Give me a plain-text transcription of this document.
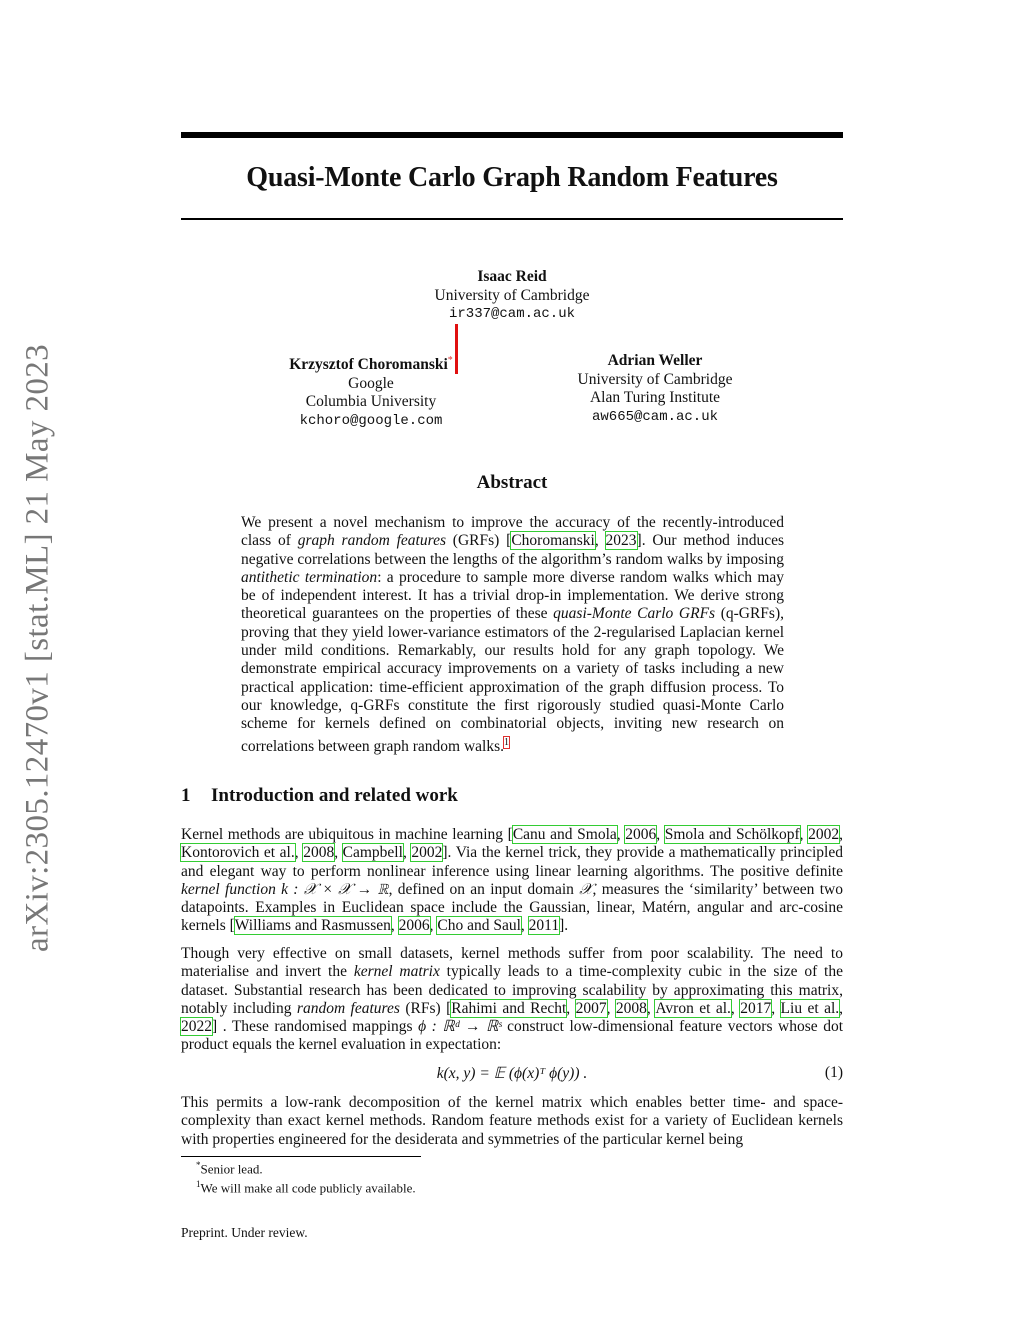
arXiv:2305.12470v1 [stat.ML] 21 May 2023
Quasi-Monte Carlo Graph Random Features
Isaac Reid
University of Cambridge
ir337@cam.ac.uk
Krzysztof Choromanski*
Google
Columbia University
kchoro@google.com
Adrian Weller
University of Cambridge
Alan Turing Institute
aw665@cam.ac.uk
Abstract
We present a novel mechanism to improve the accuracy of the recently-introduced class of graph random features (GRFs) [Choromanski, 2023]. Our method induces negative correlations between the lengths of the algorithm’s random walks by imposing antithetic termination: a procedure to sample more diverse random walks which may be of independent interest. It has a trivial drop-in implementation. We derive strong theoretical guarantees on the properties of these quasi-Monte Carlo GRFs (q-GRFs), proving that they yield lower-variance estimators of the 2-regularised Laplacian kernel under mild conditions. Remarkably, our results hold for any graph topology. We demonstrate empirical accuracy improvements on a variety of tasks including a new practical application: time-efficient approximation of the graph diffusion process. To our knowledge, q-GRFs constitute the first rigorously studied quasi-Monte Carlo scheme for kernels defined on combinatorial objects, inviting new research on correlations between graph random walks.$^1$
1 Introduction and related work
Kernel methods are ubiquitous in machine learning [Canu and Smola, 2006, Smola and Schölkopf, 2002, Kontorovich et al., 2008, Campbell, 2002]. Via the kernel trick, they provide a mathematically principled and elegant way to perform nonlinear inference using linear learning algorithms. The positive definite kernel function k : 𝒳 × 𝒳 → ℝ, defined on an input domain 𝒳, measures the ‘similarity’ between two datapoints. Examples in Euclidean space include the Gaussian, linear, Matérn, angular and arc-cosine kernels [Williams and Rasmussen, 2006, Cho and Saul, 2011].
Though very effective on small datasets, kernel methods suffer from poor scalability. The need to materialise and invert the kernel matrix typically leads to a time-complexity cubic in the size of the dataset. Substantial research has been dedicated to improving scalability by approximating this matrix, notably including random features (RFs) [Rahimi and Recht, 2007, 2008, Avron et al., 2017, Liu et al., 2022] . These randomised mappings ϕ : ℝᵈ → ℝˢ construct low-dimensional feature vectors whose dot product equals the kernel evaluation in expectation:
k(x, y) = 𝔼 (ϕ(x)ᵀ ϕ(y)) .	(1)
This permits a low-rank decomposition of the kernel matrix which enables better time- and space-complexity than exact kernel methods. Random feature methods exist for a variety of Euclidean kernels with properties engineered for the desiderata and symmetries of the particular kernel being
*Senior lead.
$^1$We will make all code publicly available.
Preprint. Under review.
